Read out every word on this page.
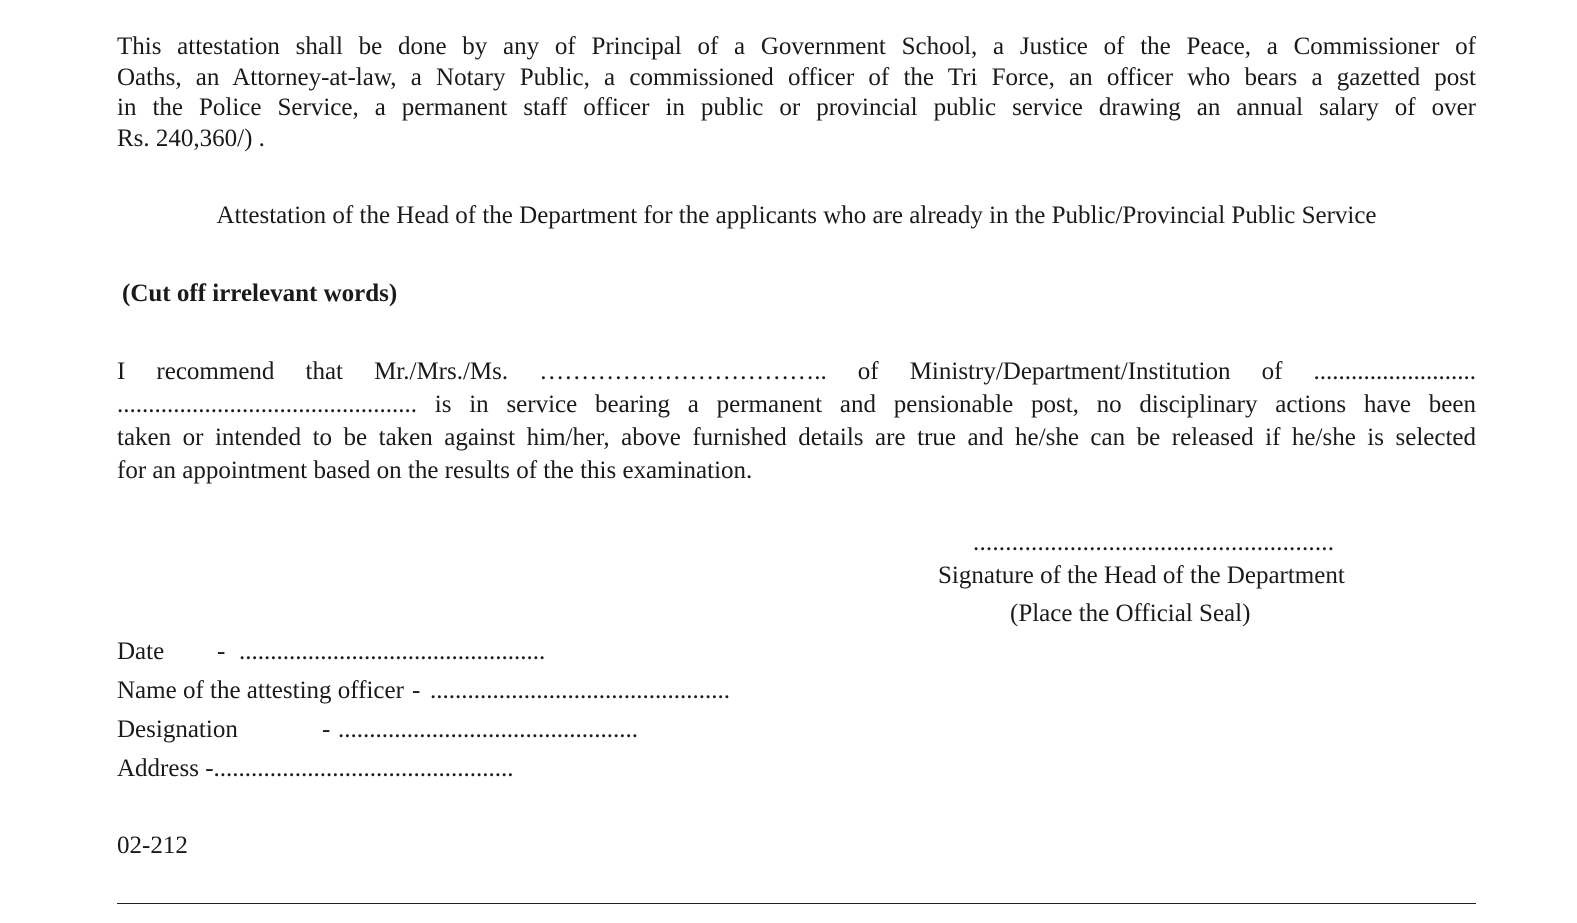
This attestation shall be done by any of Principal of a Government School, a Justice of the Peace, a Commissioner of
Oaths, an Attorney-at-law, a Notary Public, a commissioned officer of the Tri Force, an officer who bears a gazetted post
in the Police Service, a permanent staff officer in public or provincial public service drawing an annual salary of over
Rs. 240,360/) .
Attestation of the Head of the Department for the applicants who are already in the Public/Provincial Public Service
(Cut off irrelevant words)
I recommend that Mr./Mrs./Ms. …………………………….. of Ministry/Department/Institution of ..........................
................................................ is in service bearing a permanent and pensionable post, no disciplinary actions have been
taken or intended to be taken against him/her, above furnished details are true and he/she can be released if he/she is selected
for an appointment based on the results of the this examination.
........................................................
Signature of the Head of the Department
(Place the Official Seal)
Date - .................................................
Name of the attesting officer - ................................................
Designation	- ................................................
Address -................................................
02-212
